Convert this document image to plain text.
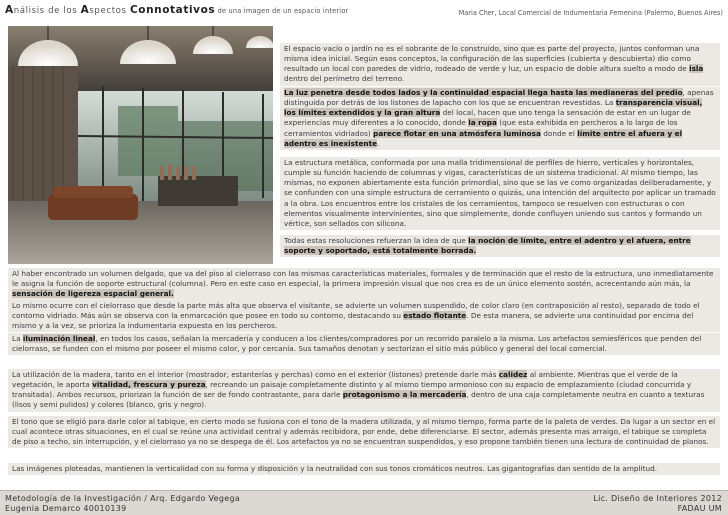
Análisis de los Aspectos Connotativos de una imagen de un espacio interior	Maria Cher, Local Comercial de Indumentaria Femenina (Palermo, Buenos Aires)
El espacio vacío o jardín no es el sobrante de lo construido, sino que es parte del proyecto, juntos conforman una misma idea inicial. Según esos conceptos, la configuración de las superficies (cubierta y descubierta) dio como resultado un local con paredes de vidrio, rodeado de verde y luz, un espacio de doble altura suelto a modo de isla dentro del perímetro del terreno.
La luz penetra desde todos lados y la continuidad espacial llega hasta las medianeras del predio, apenas distinguida por detrás de los listones de lapacho con los que se encuentran revestidas. La transparencia visual, los límites extendidos y la gran altura del local, hacen que uno tenga la sensación de estar en un lugar de experiencias muy diferentes a lo conocido, donde la ropa (que esta exhibida en percheros a lo largo de los cerramientos vidriados) parece flotar en una atmósfera luminosa donde el límite entre el afuera y el adentro es inexistente.
La estructura metálica, conformada por una malla tridimensional de perfiles de hierro, verticales y horizontales, cumple su función haciendo de columnas y vigas, características de un sistema tradicional. Al mismo tiempo, las mismas, no exponen abiertamente esta función primordial, sino que se las ve como organizadas deliberadamente, y se confunden con una simple estructura de cerramiento o quizás, una intención del arquitecto por aplicar un tramado a la obra. Los encuentros entre los cristales de los cerramientos, tampoco se resuelven con estructuras o con elementos visualmente intervinientes, sino que simplemente, donde confluyen uniendo sus cantos y formando un vértice, son sellados con silicona.
Todas estas resoluciones refuerzan la idea de que la noción de límite, entre el adentro y el afuera, entre soporte y soportado, está totalmente borrada.
Al haber encontrado un volumen delgado, que va del piso al cielorraso con las mismas características materiales, formales y de terminación que el resto de la estructura, uno inmediatamente le asigna la función de soporte estructural (columna). Pero en este caso en especial, la primera impresión visual que nos crea es de un único elemento sostén, acrecentando aún más, la sensación de ligereza espacial general.
Lo mismo ocurre con el cielorraso que desde la parte más alta que observa el visitante, se advierte un volumen suspendido, de color claro (en contraposición al resto), separado de todo el contorno vidriado. Más aún se observa con la enmarcación que posee en todo su contorno, destacando su estado flotante. De esta manera, se advierte una continuidad por encima del mismo y a la vez, se prioriza la indumentaria expuesta en los percheros.
La iluminación lineal, en todos los casos, señalan la mercadería y conducen a los clientes/compradores por un recorrido paralelo a la misma. Los artefactos semiesféricos que penden del cielorraso, se funden con el mismo por poseer el mismo color, y por cercanía. Sus tamaños denotan y sectorizan el sitio más público y general del local comercial.
La utilización de la madera, tanto en el interior (mostrador, estanterías y perchas) como en el exterior (listones) pretende darle más calidez al ambiente. Mientras que el verde de la vegetación, le aporta vitalidad, frescura y pureza, recreando un paisaje completamente distinto y al mismo tiempo armonioso con su espacio de emplazamiento (ciudad concurrida y transitada). Ambos recursos, priorizan la función de ser de fondo contrastante, para darle protagonismo a la mercadería, dentro de una caja completamente neutra en cuanto a texturas (lisos y semi pulidos) y colores (blanco, gris y negro).
El tono que se eligió para darle color al tabique, en cierto modo se fusiona con el tono de la madera utilizada, y al mismo tiempo, forma parte de la paleta de verdes. Da lugar a un sector en el cual acontece otras situaciones, en el cual se reúne una actividad central y además recibidora, por ende, debe diferenciarse. El sector, además presenta mas arraigo, el tabique se completa de piso a techo, sin interrupción, y el cielorraso ya no se despega de él. Los artefactos ya no se encuentran suspendidos, y eso propone también tienen una lectura de continuidad de planos.
Las imágenes ploteadas, mantienen la verticalidad con su forma y disposición y la neutralidad con sus tonos cromáticos neutros. Las gigantografías dan sentido de la amplitud.
Metodología de la Investigación / Arq. Edgardo Vegega
Eugenia Demarco 40010139
Lic. Diseño de Interiores 2012
FADAU UM
